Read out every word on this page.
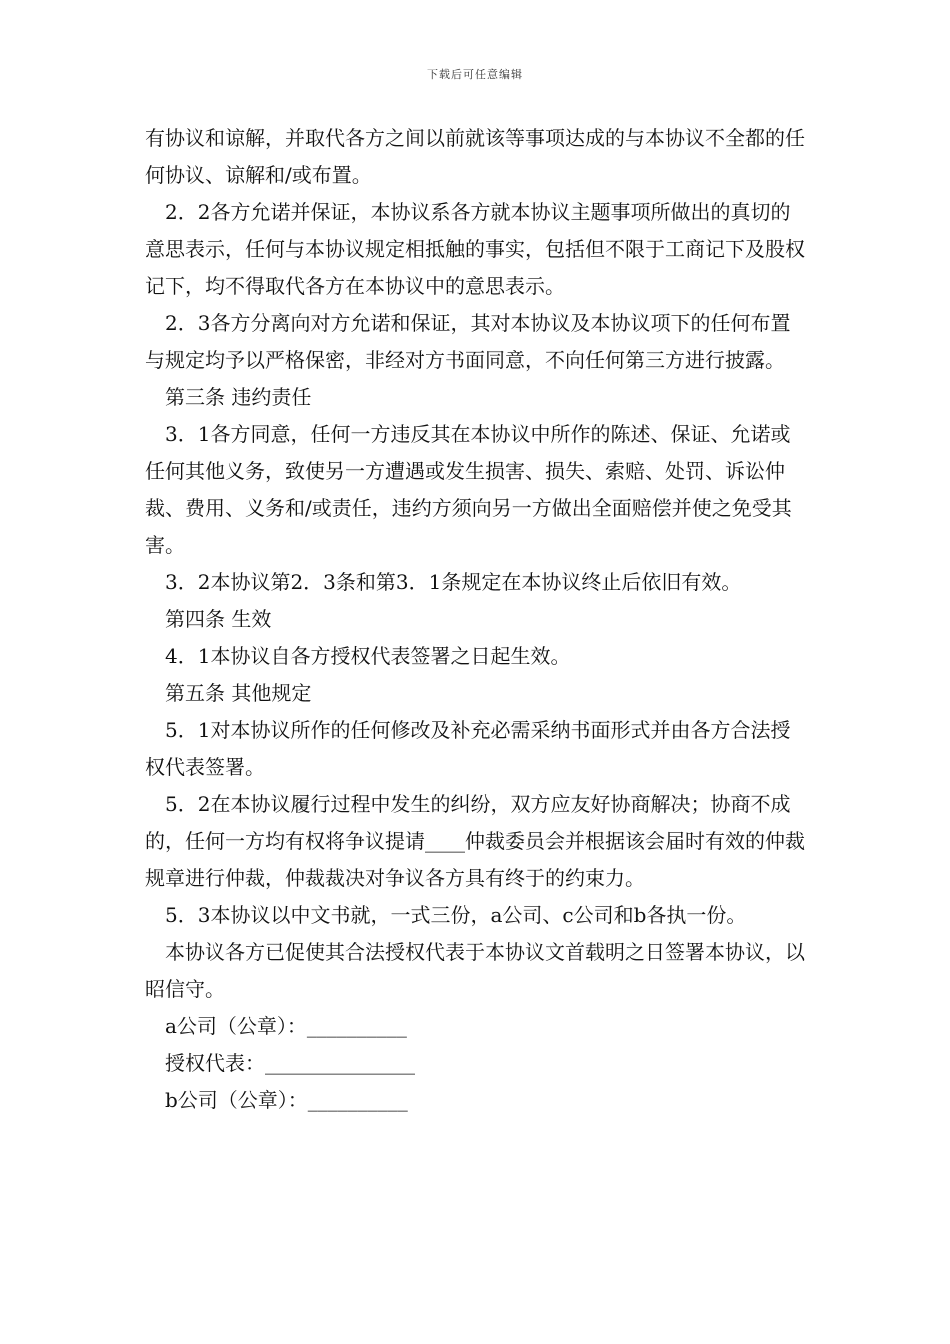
下载后可任意编辑

有协议和谅解，并取代各方之间以前就该等事项达成的与本协议不全都的任何协议、谅解和/或布置。

2．2各方允诺并保证，本协议系各方就本协议主题事项所做出的真切的意思表示，任何与本协议规定相抵触的事实，包括但不限于工商记下及股权记下，均不得取代各方在本协议中的意思表示。

2．3各方分离向对方允诺和保证，其对本协议及本协议项下的任何布置与规定均予以严格保密，非经对方书面同意，不向任何第三方进行披露。

第三条 违约责任

3．1各方同意，任何一方违反其在本协议中所作的陈述、保证、允诺或任何其他义务，致使另一方遭遇或发生损害、损失、索赔、处罚、诉讼仲裁、费用、义务和/或责任，违约方须向另一方做出全面赔偿并使之免受其害。

3．2本协议第2．3条和第3．1条规定在本协议终止后依旧有效。

第四条 生效

4．1本协议自各方授权代表签署之日起生效。

第五条 其他规定

5．1对本协议所作的任何修改及补充必需采纳书面形式并由各方合法授权代表签署。

5．2在本协议履行过程中发生的纠纷，双方应友好协商解决；协商不成的，任何一方均有权将争议提请____仲裁委员会并根据该会届时有效的仲裁规章进行仲裁，仲裁裁决对争议各方具有终于的约束力。

5．3本协议以中文书就，一式三份，a公司、c公司和b各执一份。

本协议各方已促使其合法授权代表于本协议文首载明之日签署本协议，以昭信守。

a公司（公章）：__________

授权代表：_______________

b公司（公章）：__________
